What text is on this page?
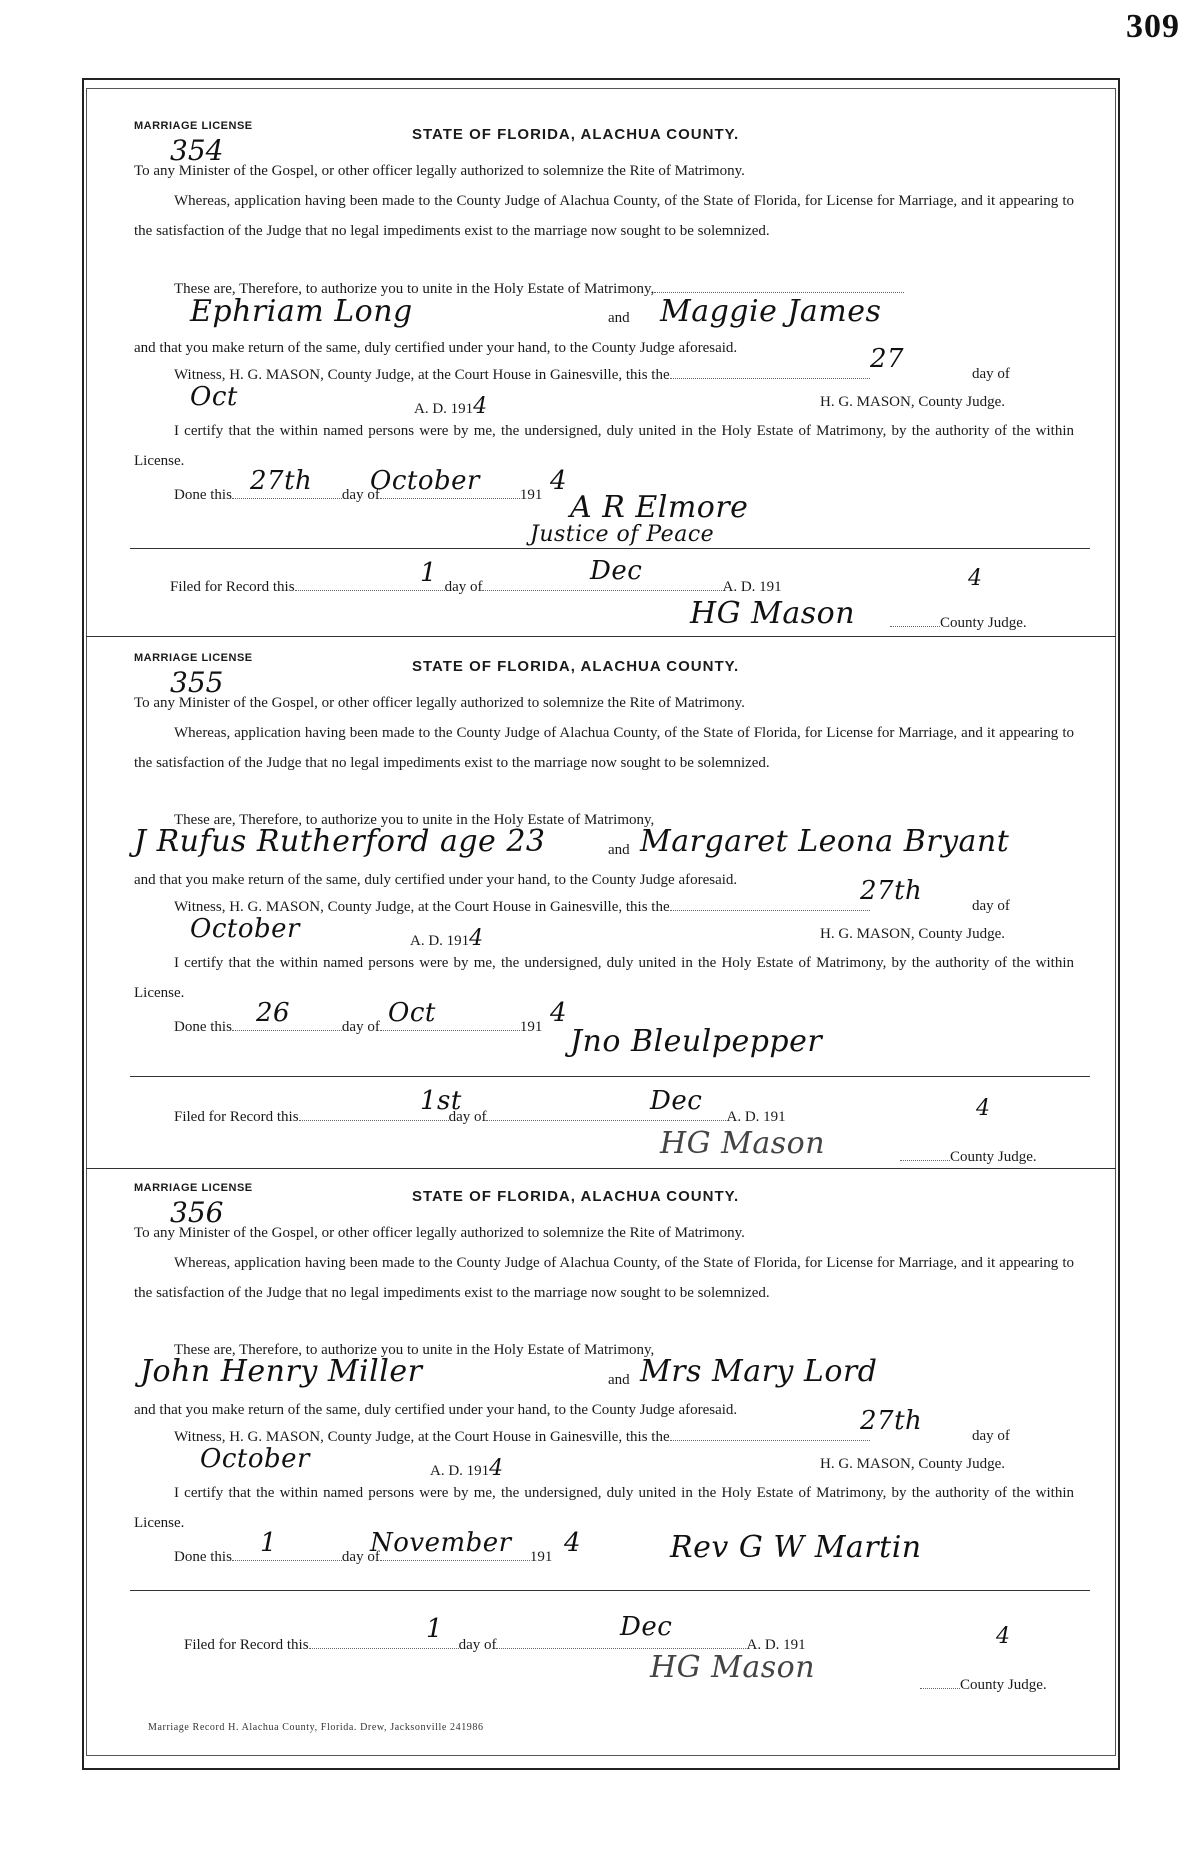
309
MARRIAGE LICENSE
354	STATE OF FLORIDA, ALACHUA COUNTY.
To any Minister of the Gospel, or other officer legally authorized to solemnize the Rite of Matrimony.
Whereas, application having been made to the County Judge of Alachua County, of the State of Florida, for License for Marriage, and it appearing to the satisfaction of the Judge that no legal impediments exist to the marriage now sought to be solemnized.
These are, Therefore, to authorize you to unite in the Holy Estate of Matrimony,
Ephriam Long	and Maggie James
and that you make return of the same, duly certified under your hand, to the County Judge aforesaid.
Witness, H. G. MASON, County Judge, at the Court House in Gainesville, this the
27	day of
Oct	A. D. 1914	H. G. MASON, County Judge.
I certify that the within named persons were by me, the undersigned, duly united in the Holy Estate of Matrimony, by the authority of the within License.
Done this	day of	191
27th October	4
A R Elmore
Justice of Peace
Filed for Record this	day of	A. D. 191
1	Dec	4
HG Mason	County Judge.
MARRIAGE LICENSE
355	STATE OF FLORIDA, ALACHUA COUNTY.
To any Minister of the Gospel, or other officer legally authorized to solemnize the Rite of Matrimony.
Whereas, application having been made to the County Judge of Alachua County, of the State of Florida, for License for Marriage, and it appearing to the satisfaction of the Judge that no legal impediments exist to the marriage now sought to be solemnized.
These are, Therefore, to authorize you to unite in the Holy Estate of Matrimony,
J Rufus Rutherford age 23	and Margaret Leona Bryant
and that you make return of the same, duly certified under your hand, to the County Judge aforesaid.
Witness, H. G. MASON, County Judge, at the Court House in Gainesville, this the
27th	day of
October	A. D. 1914	H. G. MASON, County Judge.
I certify that the within named persons were by me, the undersigned, duly united in the Holy Estate of Matrimony, by the authority of the within License.
Done this	day of	191
26	Oct	4
Jno Bleulpepper
Filed for Record this	day of	A. D. 191
1st	Dec	4
HG Mason	County Judge.
MARRIAGE LICENSE
356	STATE OF FLORIDA, ALACHUA COUNTY.
To any Minister of the Gospel, or other officer legally authorized to solemnize the Rite of Matrimony.
Whereas, application having been made to the County Judge of Alachua County, of the State of Florida, for License for Marriage, and it appearing to the satisfaction of the Judge that no legal impediments exist to the marriage now sought to be solemnized.
These are, Therefore, to authorize you to unite in the Holy Estate of Matrimony,
John Henry Miller	and Mrs Mary Lord
and that you make return of the same, duly certified under your hand, to the County Judge aforesaid.
Witness, H. G. MASON, County Judge, at the Court House in Gainesville, this the
27th	day of
October	A. D. 1914	H. G. MASON, County Judge.
I certify that the within named persons were by me, the undersigned, duly united in the Holy Estate of Matrimony, by the authority of the within License.
Done this	day of	191
1	November 4	Rev G W Martin
Filed for Record this	day of	A. D. 191
1	Dec	4
HG Mason	County Judge.
Marriage Record H. Alachua County, Florida. Drew, Jacksonville 241986
